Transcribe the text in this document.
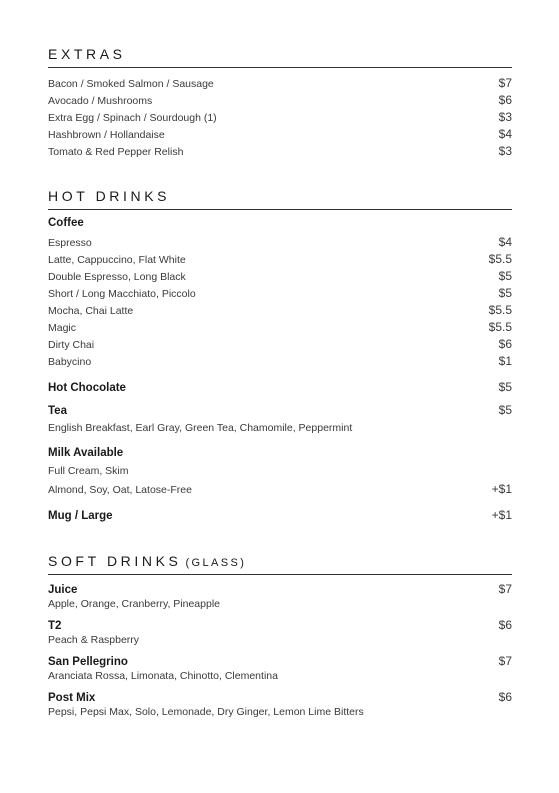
EXTRAS
Bacon / Smoked Salmon / Sausage	$7
Avocado / Mushrooms	$6
Extra Egg / Spinach / Sourdough (1)	$3
Hashbrown / Hollandaise	$4
Tomato & Red Pepper Relish	$3
HOT DRINKS
Coffee
Espresso	$4
Latte, Cappuccino, Flat White	$5.5
Double Espresso, Long Black	$5
Short / Long Macchiato, Piccolo	$5
Mocha, Chai Latte	$5.5
Magic	$5.5
Dirty Chai	$6
Babycino	$1
Hot Chocolate	$5
Tea	$5
English Breakfast, Earl Gray, Green Tea, Chamomile, Peppermint
Milk Available
Full Cream, Skim
Almond, Soy, Oat, Latose-Free	+$1
Mug / Large	+$1
SOFT DRINKS (GLASS)
Juice	$7
Apple, Orange, Cranberry, Pineapple
T2	$6
Peach & Raspberry
San Pellegrino	$7
Aranciata Rossa, Limonata, Chinotto, Clementina
Post Mix	$6
Pepsi, Pepsi Max, Solo, Lemonade, Dry Ginger, Lemon Lime Bitters
